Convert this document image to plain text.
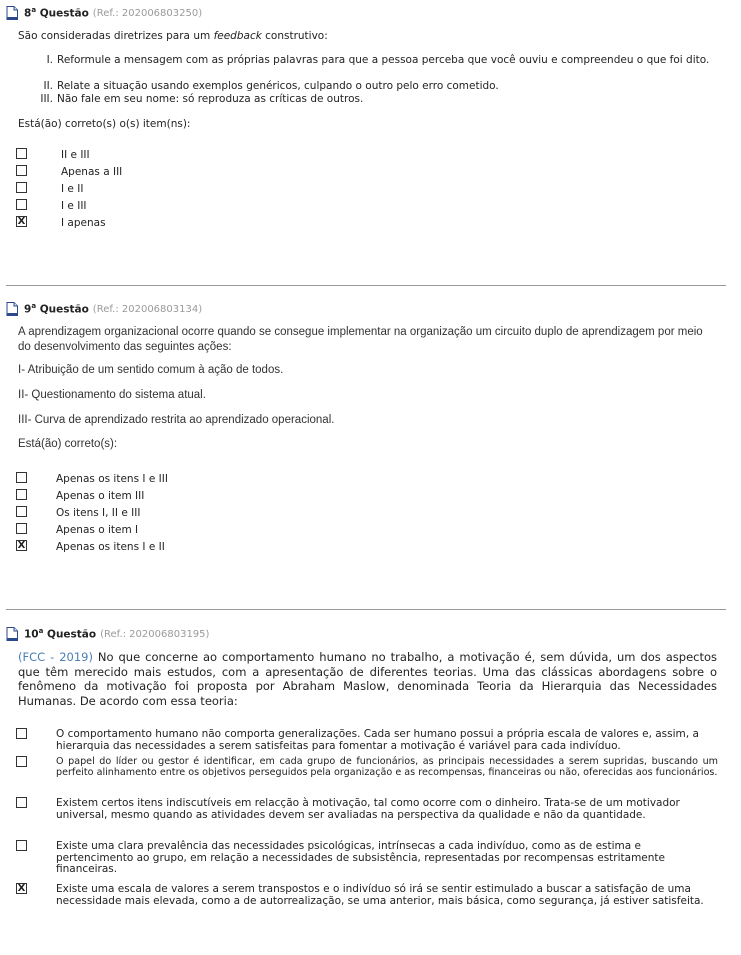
8$^a$ Questão (Ref.: 202006803250)
São consideradas diretrizes para um feedback construtivo:
I. Reformule a mensagem com as próprias palavras para que a pessoa perceba que você ouviu e compreendeu o que foi dito.
II. Relate a situação usando exemplos genéricos, culpando o outro pelo erro cometido.
III. Não fale em seu nome: só reproduza as críticas de outros.
Está(ão) correto(s) o(s) item(ns):
II e III
Apenas a III
I e II
I e III
X	I apenas
9$^a$ Questão (Ref.: 202006803134)
A aprendizagem organizacional ocorre quando se consegue implementar na organização um circuito duplo de aprendizagem por meio do desenvolvimento das seguintes ações:
I- Atribuição de um sentido comum à ação de todos.
II- Questionamento do sistema atual.
III- Curva de aprendizado restrita ao aprendizado operacional.
Está(ão) correto(s):
Apenas os itens I e III
Apenas o item III
Os itens I, II e III
Apenas o item I
X	Apenas os itens I e II
10$^a$ Questão (Ref.: 202006803195)
(FCC - 2019) No que concerne ao comportamento humano no trabalho, a motivação é, sem dúvida, um dos aspectos que têm merecido mais estudos, com a apresentação de diferentes teorias. Uma das clássicas abordagens sobre o fenômeno da motivação foi proposta por Abraham Maslow, denominada Teoria da Hierarquia das Necessidades Humanas. De acordo com essa teoria:
O comportamento humano não comporta generalizações. Cada ser humano possui a própria escala de valores e, assim, a hierarquia das necessidades a serem satisfeitas para fomentar a motivação é variável para cada indivíduo.
O papel do líder ou gestor é identificar, em cada grupo de funcionários, as principais necessidades a serem supridas, buscando um perfeito alinhamento entre os objetivos perseguidos pela organização e as recompensas, financeiras ou não, oferecidas aos funcionários.
Existem certos itens indiscutíveis em relacção à motivação, tal como ocorre com o dinheiro. Trata-se de um motivador universal, mesmo quando as atividades devem ser avaliadas na perspectiva da qualidade e não da quantidade.
Existe uma clara prevalência das necessidades psicológicas, intrínsecas a cada indivíduo, como as de estima e pertencimento ao grupo, em relação a necessidades de subsistência, representadas por recompensas estritamente financeiras.
X	Existe uma escala de valores a serem transpostos e o indivíduo só irá se sentir estimulado a buscar a satisfação de uma necessidade mais elevada, como a de autorrealização, se uma anterior, mais básica, como segurança, já estiver satisfeita.
